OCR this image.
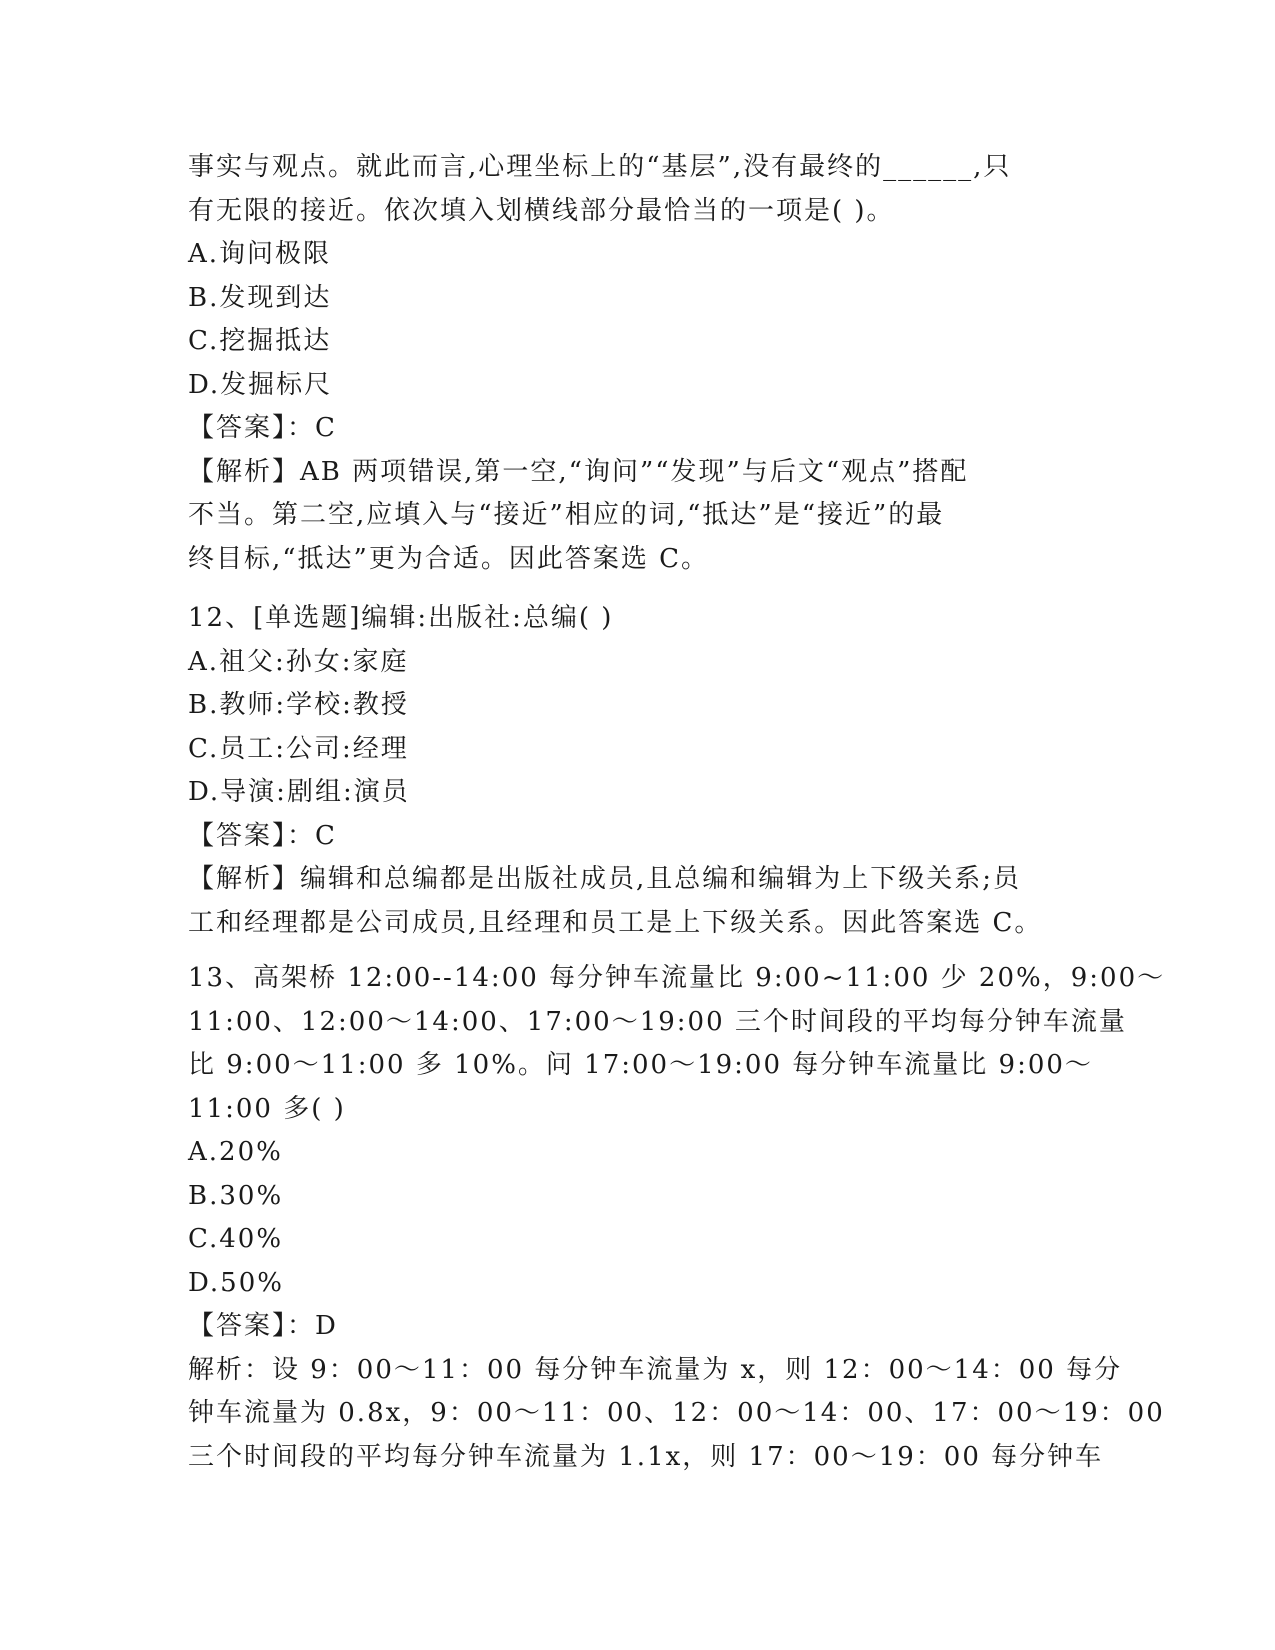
事实与观点。就此而言,心理坐标上的“基层”,没有最终的______,只
有无限的接近。依次填入划横线部分最恰当的一项是( )。
A.询问极限
B.发现到达
C.挖掘抵达
D.发掘标尺
【答案】：C
【解析】AB 两项错误,第一空,“询问”“发现”与后文“观点”搭配
不当。第二空,应填入与“接近”相应的词,“抵达”是“接近”的最
终目标,“抵达”更为合适。因此答案选 C。
12、[单选题]编辑:出版社:总编( )
A.祖父:孙女:家庭
B.教师:学校:教授
C.员工:公司:经理
D.导演:剧组:演员
【答案】：C
【解析】编辑和总编都是出版社成员,且总编和编辑为上下级关系;员
工和经理都是公司成员,且经理和员工是上下级关系。因此答案选 C。
13、高架桥 12:00--14:00 每分钟车流量比 9:00~11:00 少 20%，9:00～
11:00、12:00～14:00、17:00～19:00 三个时间段的平均每分钟车流量
比 9:00～11:00 多 10%。问 17:00～19:00 每分钟车流量比 9:00～
11:00 多( )
A.20%
B.30%
C.40%
D.50%
【答案】：D
解析：设 9：00～11：00 每分钟车流量为 x，则 12：00～14：00 每分
钟车流量为 0.8x，9：00～11：00、12：00～14：00、17：00～19：00
三个时间段的平均每分钟车流量为 1.1x，则 17：00～19：00 每分钟车
